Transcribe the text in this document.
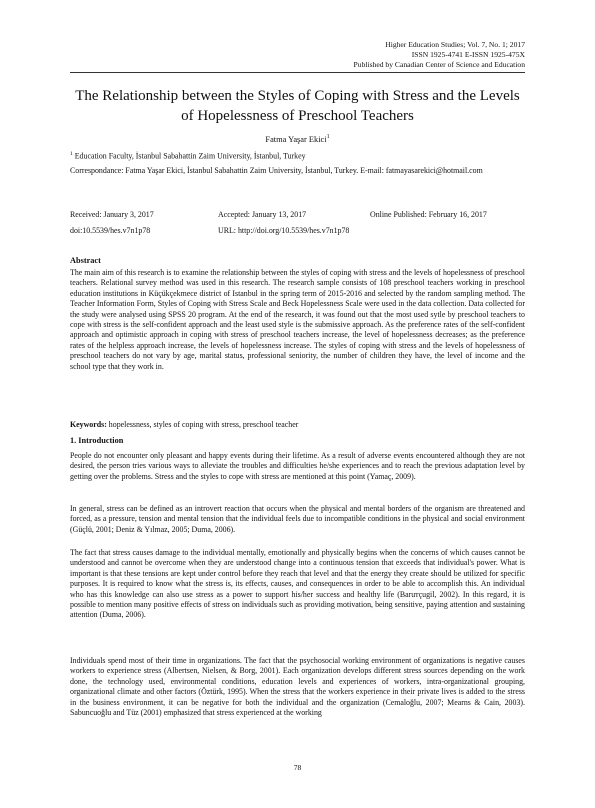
Higher Education Studies; Vol. 7, No. 1; 2017
ISSN 1925-4741 E-ISSN 1925-475X
Published by Canadian Center of Science and Education
The Relationship between the Styles of Coping with Stress and the Levels of Hopelessness of Preschool Teachers
Fatma Yaşar Ekici$^1$
$^1$ Education Faculty, İstanbul Sabahattin Zaim University, İstanbul, Turkey
Correspondance: Fatma Yaşar Ekici, İstanbul Sabahattin Zaim University, İstanbul, Turkey. E-mail: fatmayasarekici@hotmail.com
Received: January 3, 2017	Accepted: January 13, 2017	Online Published: February 16, 2017
doi:10.5539/hes.v7n1p78	URL: http://doi.org/10.5539/hes.v7n1p78
Abstract

The main aim of this research is to examine the relationship between the styles of coping with stress and the levels of hopelessness of preschool teachers. Relational survey method was used in this research. The research sample consists of 108 preschool teachers working in preschool education institutions in Küçükçekmece district of Istanbul in the spring term of 2015-2016 and selected by the random sampling method. The Teacher Information Form, Styles of Coping with Stress Scale and Beck Hopelessness Scale were used in the data collection. Data collected for the study were analysed using SPSS 20 program. At the end of the research, it was found out that the most used sytle by preschool teachers to cope with stress is the self-confident approach and the least used style is the submissive approach. As the preference rates of the self-confident approach and optimistic approach in coping with stress of preschool teachers increase, the level of hopelessness decreases; as the preference rates of the helpless approach increase, the levels of hopelessness increase. The styles of coping with stress and the levels of hopelessness of preschool teachers do not vary by age, marital status, professional seniority, the number of children they have, the level of income and the school type that they work in.

Keywords: hopelessness, styles of coping with stress, preschool teacher

1. Introduction

People do not encounter only pleasant and happy events during their lifetime. As a result of adverse events encountered although they are not desired, the person tries various ways to alleviate the troubles and difficulties he/she experiences and to reach the previous adaptation level by getting over the problems. Stress and the styles to cope with stress are mentioned at this point (Yamaç, 2009).

In general, stress can be defined as an introvert reaction that occurs when the physical and mental borders of the organism are threatened and forced, as a pressure, tension and mental tension that the individual feels due to incompatible conditions in the physical and social environment (Güçlü, 2001; Deniz & Yılmaz, 2005; Duma, 2006).

The fact that stress causes damage to the individual mentally, emotionally and physically begins when the concerns of which causes cannot be understood and cannot be overcome when they are understood change into a continuous tension that exceeds that individual's power. What is important is that these tensions are kept under control before they reach that level and that the energy they create should be utilized for specific purposes. It is required to know what the stress is, its effects, causes, and consequences in order to be able to accomplish this. An individual who has this knowledge can also use stress as a power to support his/her success and healthy life (Baruтçugil, 2002). In this regard, it is possible to mention many positive effects of stress on individuals such as providing motivation, being sensitive, paying attention and sustaining attention (Duma, 2006).

Individuals spend most of their time in organizations. The fact that the psychosocial working environment of organizations is negative causes workers to experience stress (Albertsen, Nielsen, & Borg, 2001). Each organization develops different stress sources depending on the work done, the technology used, environmental conditions, education levels and experiences of workers, intra-organizational grouping, organizational climate and other factors (Öztürk, 1995). When the stress that the workers experience in their private lives is added to the stress in the business environment, it can be negative for both the individual and the organization (Cemaloğlu, 2007; Mearns & Cain, 2003). Sabuncuoğlu and Tüz (2001) emphasized that stress experienced at the working

78
